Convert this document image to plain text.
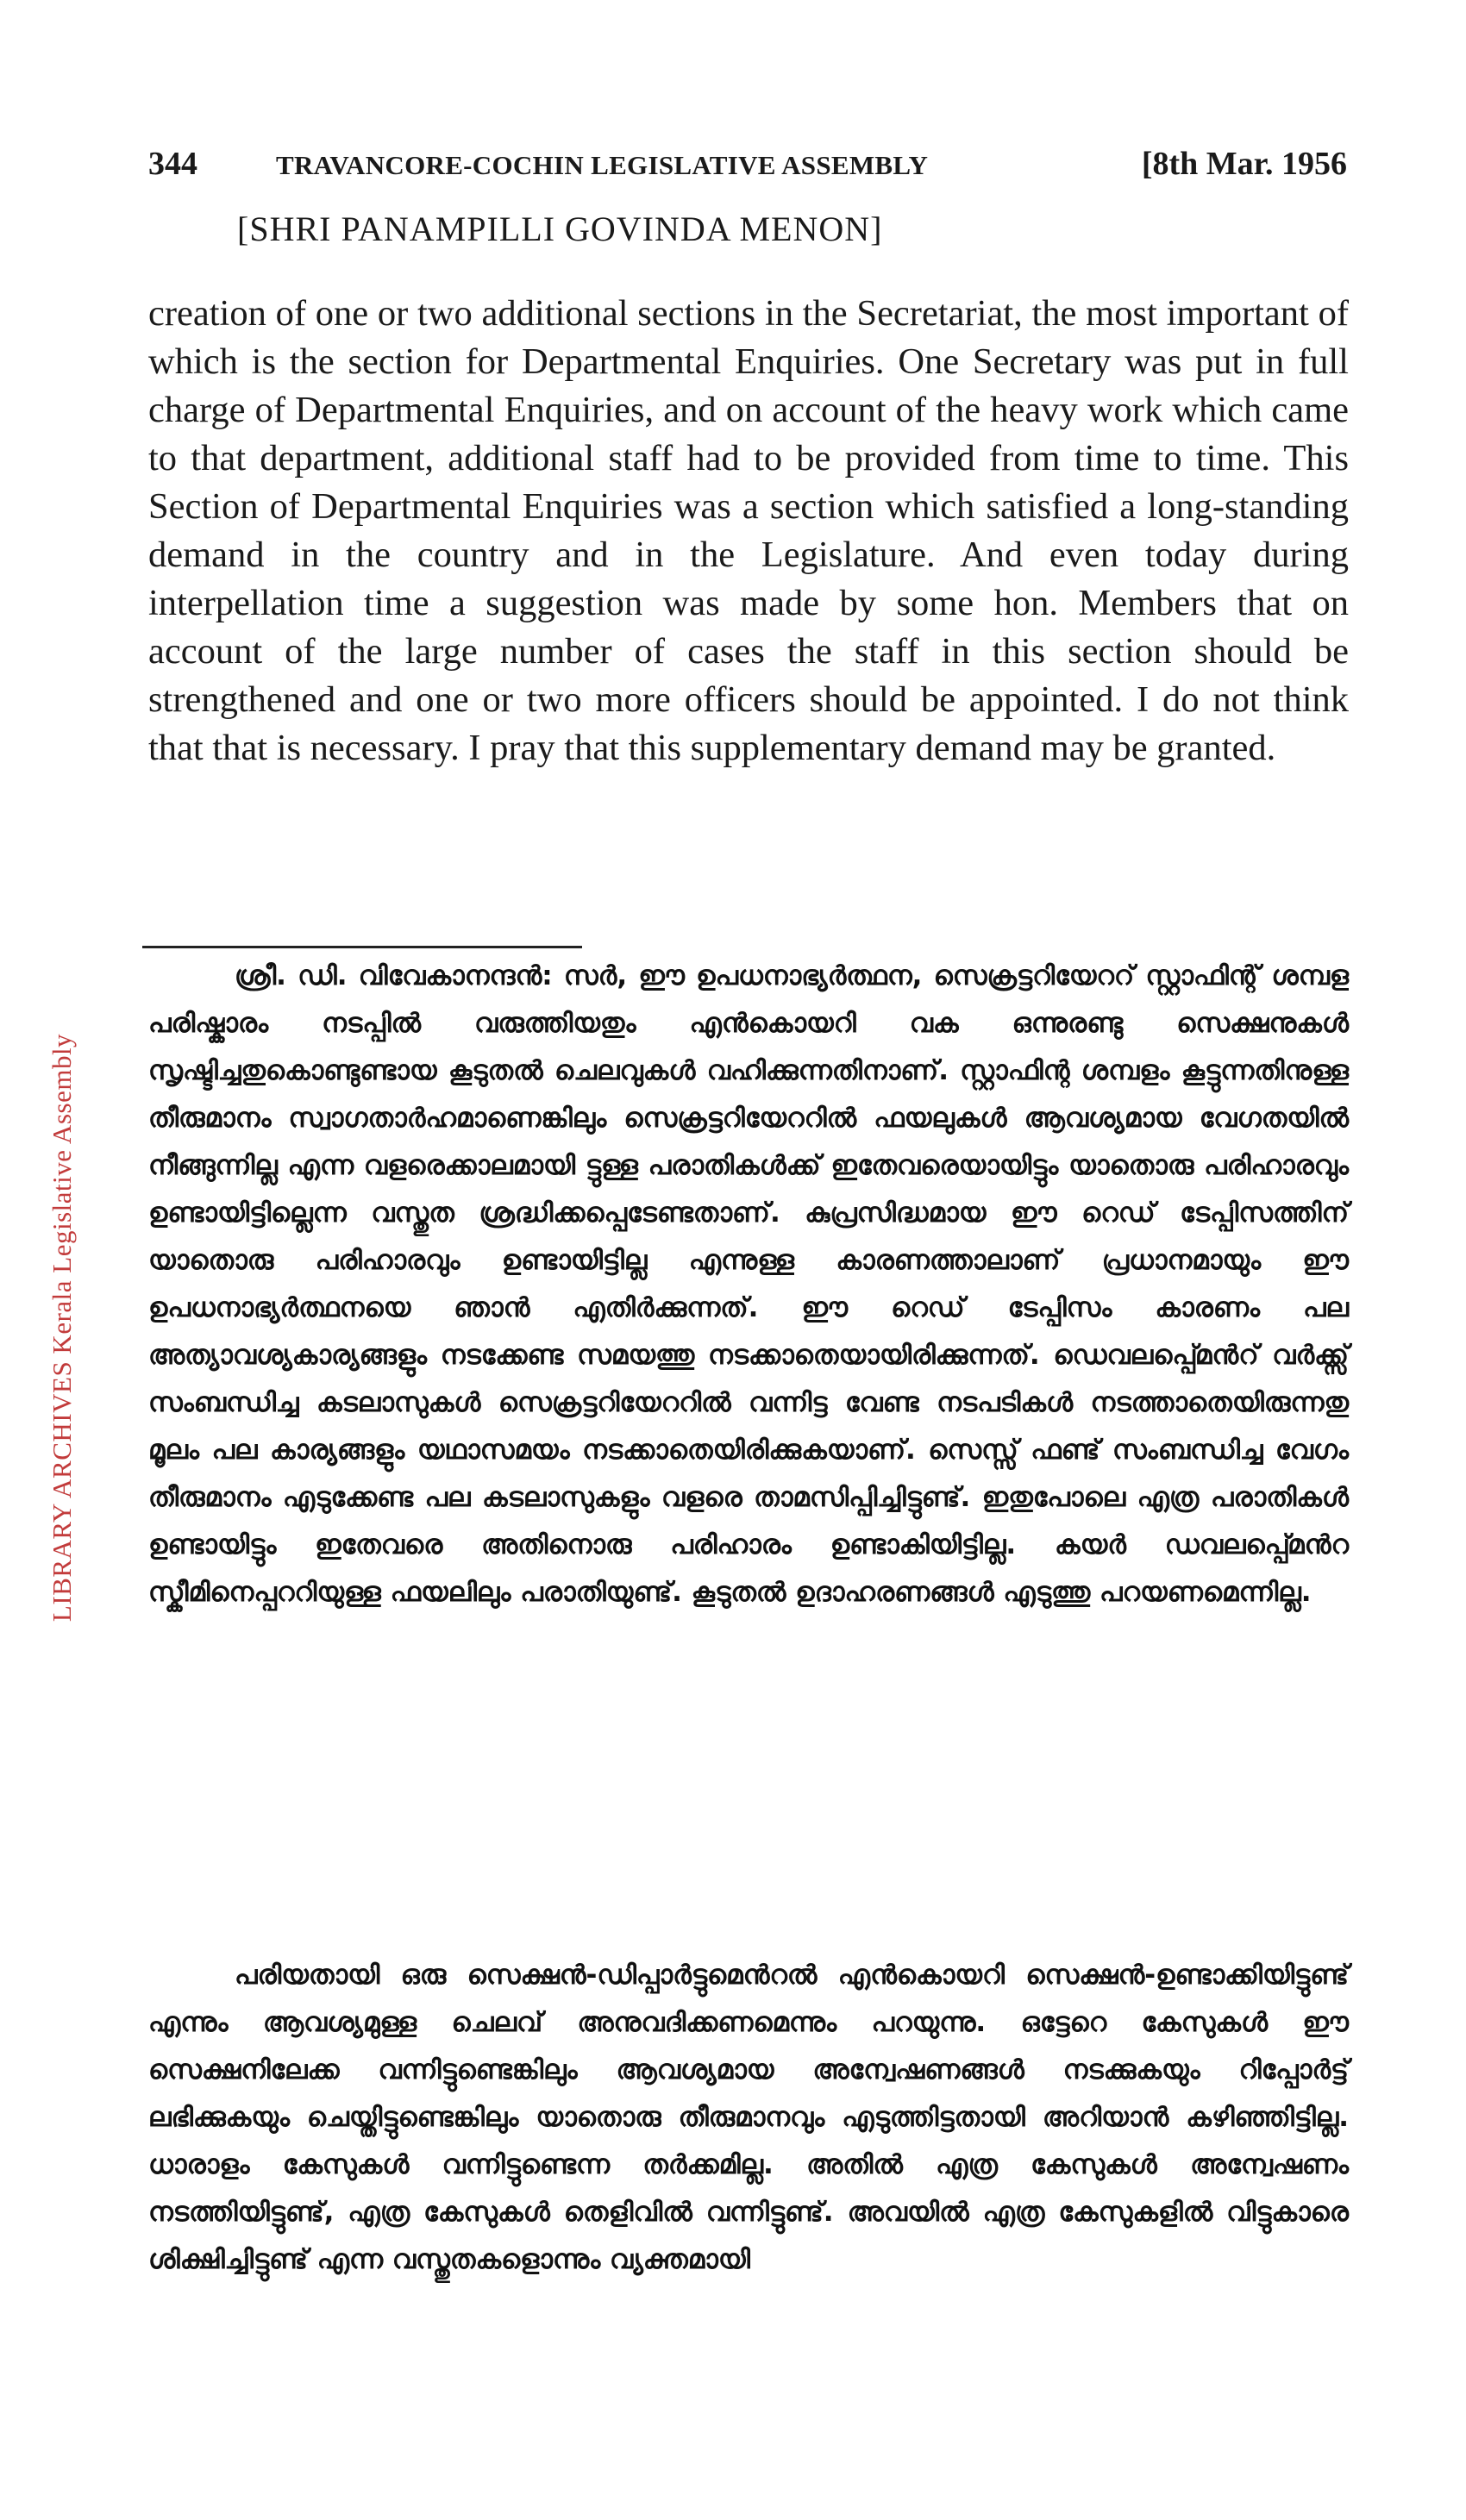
LIBRARY ARCHIVES Kerala Legislative Assembly
344	TRAVANCORE-COCHIN LEGISLATIVE ASSEMBLY	[8th Mar. 1956
[SHRI PANAMPILLI GOVINDA MENON]

creation of one or two additional sections in the Secretariat, the most important of which is the section for Departmental Enquiries. One Secretary was put in full charge of Departmental Enquiries, and on account of the heavy work which came to that department, additional staff had to be provided from time to time. This Section of Departmental Enquiries was a section which satisfied a long-standing demand in the country and in the Legislature. And even today during interpellation time a suggestion was made by some hon. Members that on account of the large number of cases the staff in this section should be strengthened and one or two more officers should be appointed. I do not think that that is necessary. I pray that this supplementary demand may be granted.

ശ്രീ. ഡി. വിവേകാനന്ദൻ: സർ, ഈ ഉപധനാഭ്യർത്ഥന, സെക്രട്ടറിയേററ് സ്റ്റാഫിന്റ് ശമ്പള പരിഷ്കാരം നടപ്പിൽ വരുത്തിയതും എൻകൊയറി വക ഒന്നുരണ്ടു സെക്ഷനുകൾ സൃഷ്ടിച്ചതുകൊണ്ടുണ്ടായ കൂടുതൽ ചെലവുകൾ വഹിക്കുന്നതിനാണ്. സ്റ്റാഫിന്റ ശമ്പളം കൂട്ടുന്നതിനുള്ള തീരുമാനം സ്വാഗതാർഹമാണെങ്കിലും സെക്രട്ടറിയേററിൽ ഫയലുകൾ ആവശ്യമായ വേഗതയിൽ നീങ്ങുന്നില്ല എന്ന വളരെക്കാലമായി ട്ടുള്ള പരാതികൾക്ക് ഇതേവരെയായിട്ടും യാതൊരു പരിഹാരവും ഉണ്ടായിട്ടില്ലെന്ന വസ്തുത ശ്രദ്ധിക്കപ്പെടേണ്ടതാണ്. കുപ്രസിദ്ധമായ ഈ റെഡ് ടേപ്പിസത്തിന് യാതൊരു പരിഹാരവും ഉണ്ടായിട്ടില്ല എന്നുള്ള കാരണത്താലാണ് പ്രധാനമായും ഈ ഉപധനാഭ്യർത്ഥനയെ ഞാൻ എതിർക്കുന്നത്. ഈ റെഡ് ടേപ്പിസം കാരണം പല അത്യാവശ്യകാര്യങ്ങളും നടക്കേണ്ട സമയത്തു നടക്കാതെയായിരിക്കുന്നത്. ഡെവലപ്പ്മെൻറ് വർക്ക്സ് സംബന്ധിച്ച കടലാസുകൾ സെക്രട്ടറിയേററിൽ വന്നിട്ട വേണ്ട നടപടികൾ നടത്താതെയിരുന്നതു മൂലം പല കാര്യങ്ങളും യഥാസമയം നടക്കാതെയിരിക്കുകയാണ്. സെസ്സ് ഫണ്ട് സംബന്ധിച്ച വേഗം തീരുമാനം എടുക്കേണ്ട പല കടലാസുകളും വളരെ താമസിപ്പിച്ചിട്ടുണ്ട്. ഇതുപോലെ എത്ര പരാതികൾ ഉണ്ടായിട്ടും ഇതേവരെ അതിനൊരു പരിഹാരം ഉണ്ടാകിയിട്ടില്ല. കയർ ഡവലപ്പ്മെൻറ സ്കീമിനെപ്പററിയുള്ള ഫയലിലും പരാതിയുണ്ട്. കൂടുതൽ ഉദാഹരണങ്ങൾ എടുത്തു പറയണമെന്നില്ല.

പരിയതായി ഒരു സെക്ഷൻ-ഡിപ്പാർട്ടുമെൻറൽ എൻകൊയറി സെക്ഷൻ-ഉണ്ടാക്കിയിട്ടുണ്ട് എന്നും ആവശ്യമുള്ള ചെലവ് അനുവദിക്കണമെന്നും പറയുന്നു. ഒട്ടേറെ കേസുകൾ ഈ സെക്ഷനിലേക്ക വന്നിട്ടുണ്ടെങ്കിലും ആവശ്യമായ അന്വേഷണങ്ങൾ നടക്കുകയും റിപ്പോർട്ട് ലഭിക്കുകയും ചെയ്തിട്ടുണ്ടെങ്കിലും യാതൊരു തീരുമാനവും എടുത്തിട്ടതായി അറിയാൻ കഴിഞ്ഞിട്ടില്ല. ധാരാളം കേസുകൾ വന്നിട്ടുണ്ടെന്ന തർക്കമില്ല. അതിൽ എത്ര കേസുകൾ അന്വേഷണം നടത്തിയിട്ടുണ്ട്, എത്ര കേസുകൾ തെളിവിൽ വന്നിട്ടുണ്ട്. അവയിൽ എത്ര കേസുകളിൽ വിട്ടുകാരെ ശിക്ഷിച്ചിട്ടുണ്ട് എന്ന വസ്തുതകളൊന്നും വ്യക്തമായി
